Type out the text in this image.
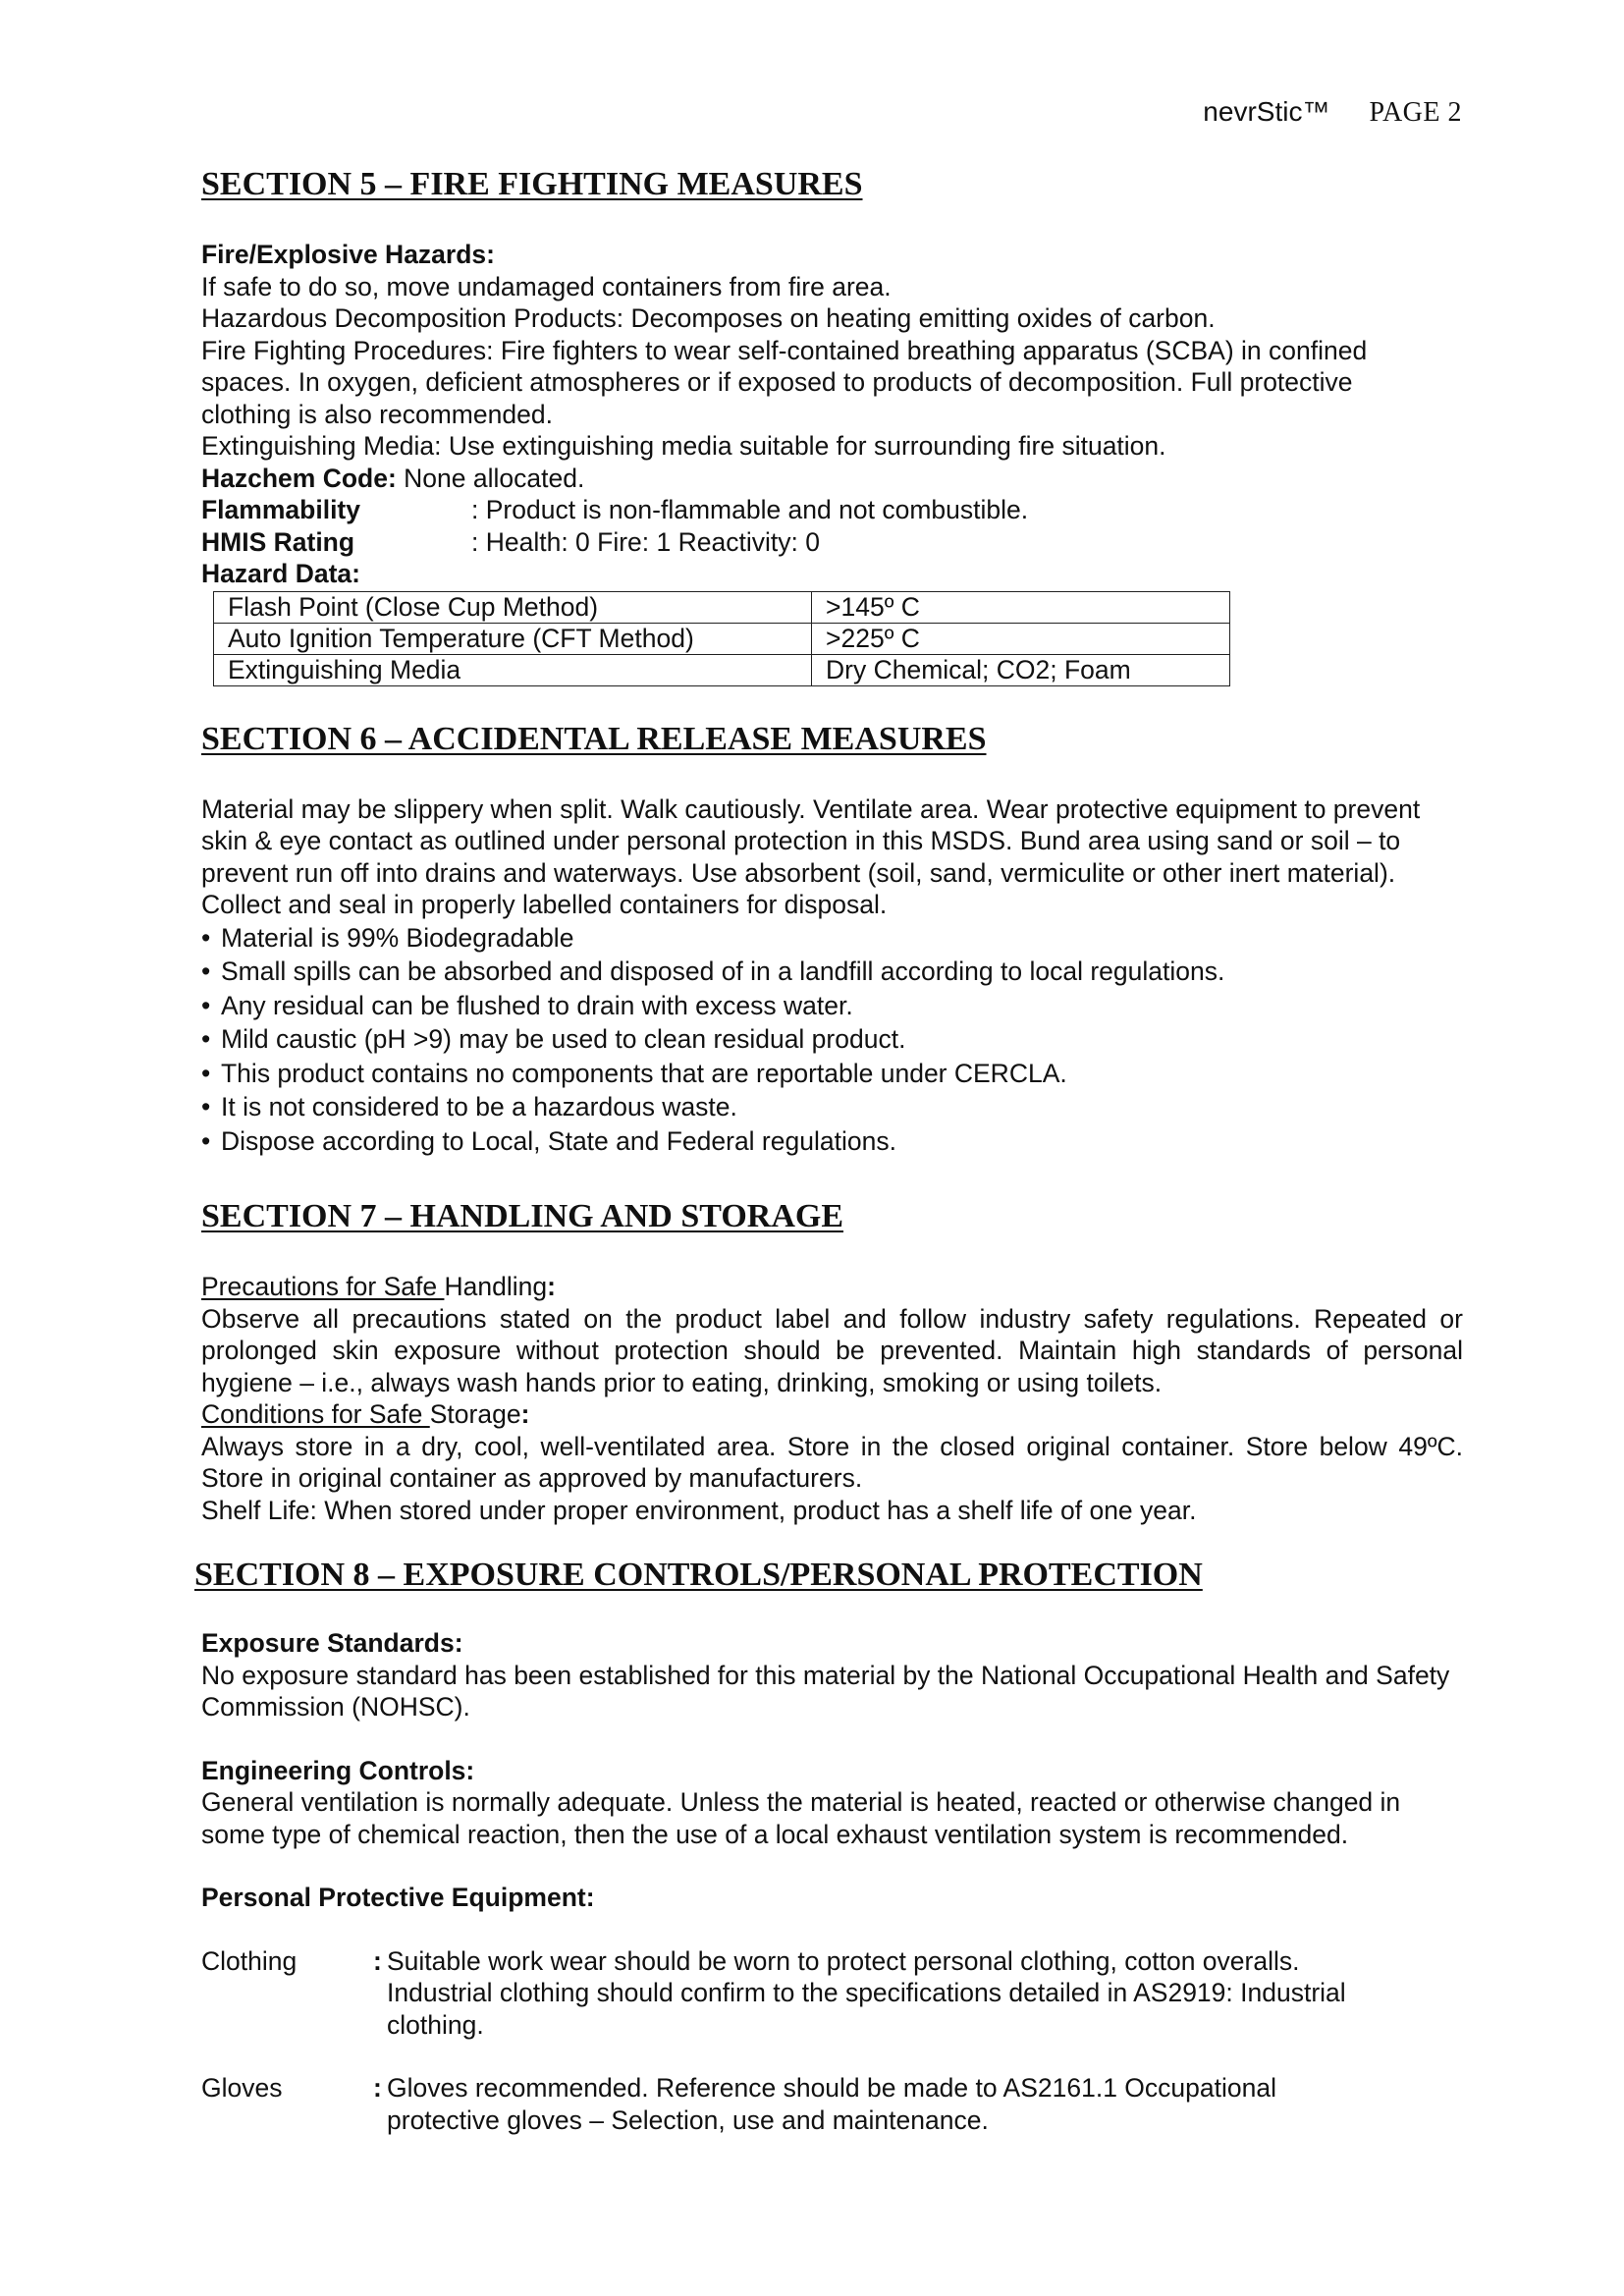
nevrStic™ PAGE 2
SECTION 5 – FIRE FIGHTING MEASURES

Fire/Explosive Hazards:

If safe to do so, move undamaged containers from fire area.

Hazardous Decomposition Products: Decomposes on heating emitting oxides of carbon.

Fire Fighting Procedures: Fire fighters to wear self-contained breathing apparatus (SCBA) in confined spaces. In oxygen, deficient atmospheres or if exposed to products of decomposition. Full protective clothing is also recommended.

Extinguishing Media: Use extinguishing media suitable for surrounding fire situation.

Hazchem Code: None allocated.

Flammability	: Product is non-flammable and not combustible.
HMIS Rating	: Health: 0 Fire: 1 Reactivity: 0

Hazard Data:

Flash Point (Close Cup Method)	>145º C
Auto Ignition Temperature (CFT Method)	>225º C
Extinguishing Media	Dry Chemical; CO2; Foam
SECTION 6 – ACCIDENTAL RELEASE MEASURES

Material may be slippery when split. Walk cautiously. Ventilate area. Wear protective equipment to prevent skin & eye contact as outlined under personal protection in this MSDS. Bund area using sand or soil – to prevent run off into drains and waterways. Use absorbent (soil, sand, vermiculite or other inert material). Collect and seal in properly labelled containers for disposal.

• Material is 99% Biodegradable
• Small spills can be absorbed and disposed of in a landfill according to local regulations.
• Any residual can be flushed to drain with excess water.
• Mild caustic (pH >9) may be used to clean residual product.
• This product contains no components that are reportable under CERCLA.
• It is not considered to be a hazardous waste.
• Dispose according to Local, State and Federal regulations.
SECTION 7 – HANDLING AND STORAGE

Precautions for Safe Handling:

Observe all precautions stated on the product label and follow industry safety regulations. Repeated or prolonged skin exposure without protection should be prevented. Maintain high standards of personal hygiene – i.e., always wash hands prior to eating, drinking, smoking or using toilets.

Conditions for Safe Storage:

Always store in a dry, cool, well-ventilated area. Store in the closed original container. Store below 49ºC. Store in original container as approved by manufacturers.

Shelf Life: When stored under proper environment, product has a shelf life of one year.

SECTION 8 – EXPOSURE CONTROLS/PERSONAL PROTECTION

Exposure Standards:

No exposure standard has been established for this material by the National Occupational Health and Safety Commission (NOHSC).

Engineering Controls:

General ventilation is normally adequate. Unless the material is heated, reacted or otherwise changed in some type of chemical reaction, then the use of a local exhaust ventilation system is recommended.

Personal Protective Equipment:

Clothing	: Suitable work wear should be worn to protect personal clothing, cotton overalls. Industrial clothing should confirm to the specifications detailed in AS2919: Industrial clothing.
Gloves	: Gloves recommended. Reference should be made to AS2161.1 Occupational protective gloves – Selection, use and maintenance.
